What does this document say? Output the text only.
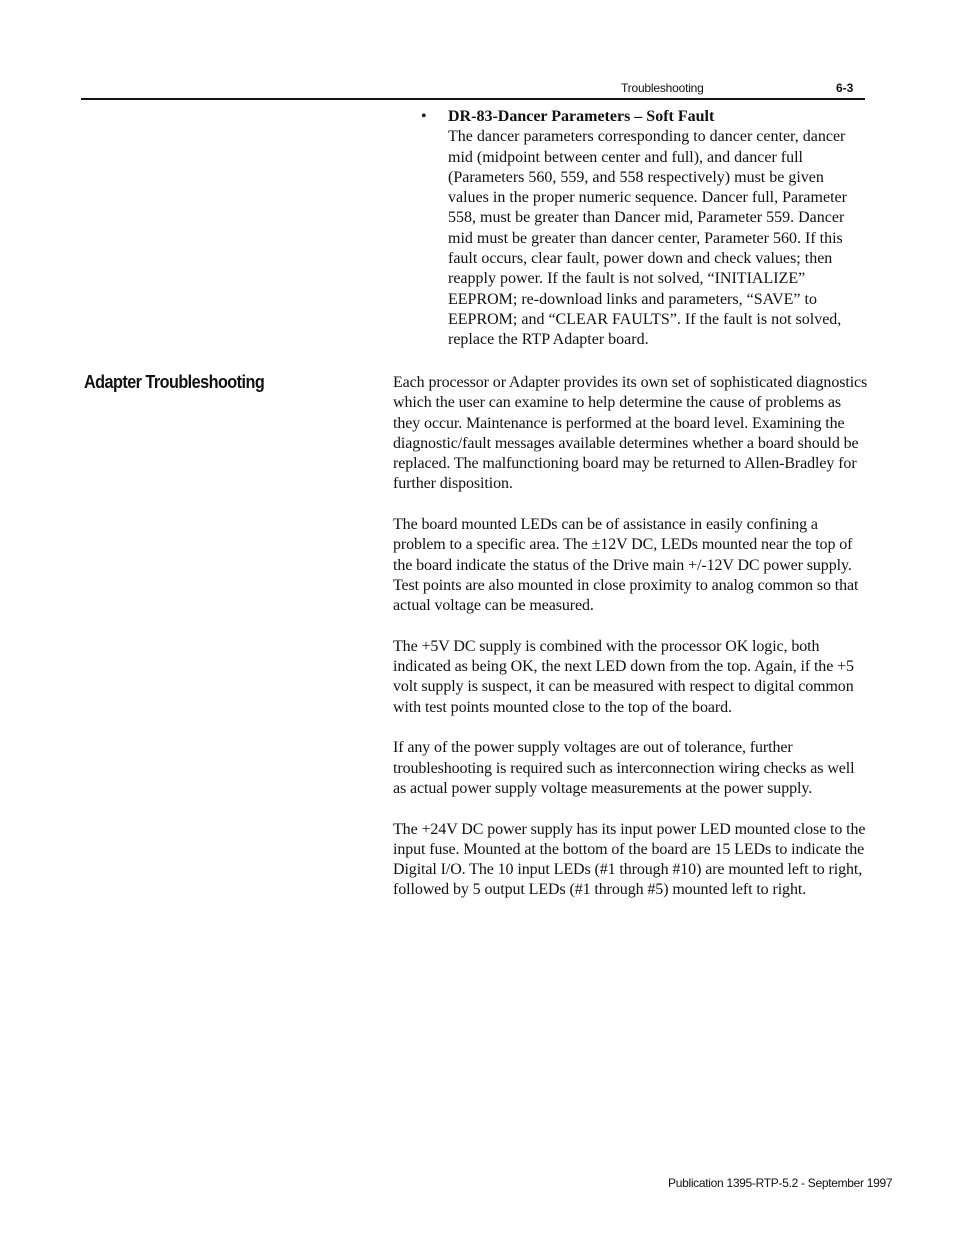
Troubleshooting	6-3
• DR-83-Dancer Parameters – Soft Fault

The dancer parameters corresponding to dancer center, dancer mid (midpoint between center and full), and dancer full (Parameters 560, 559, and 558 respectively) must be given values in the proper numeric sequence. Dancer full, Parameter 558, must be greater than Dancer mid, Parameter 559. Dancer mid must be greater than dancer center, Parameter 560. If this fault occurs, clear fault, power down and check values; then reapply power. If the fault is not solved, “INITIALIZE” EEPROM; re-download links and parameters, “SAVE” to EEPROM; and “CLEAR FAULTS”. If the fault is not solved, replace the RTP Adapter board.

Adapter Troubleshooting	Each processor or Adapter provides its own set of sophisticated diagnostics which the user can examine to help determine the cause of problems as they occur. Maintenance is performed at the board level. Examining the diagnostic/fault messages available determines whether a board should be replaced. The malfunctioning board may be returned to Allen-Bradley for further disposition.

The board mounted LEDs can be of assistance in easily confining a problem to a specific area. The ±12V DC, LEDs mounted near the top of the board indicate the status of the Drive main +/-12V DC power supply. Test points are also mounted in close proximity to analog common so that actual voltage can be measured.

The +5V DC supply is combined with the processor OK logic, both indicated as being OK, the next LED down from the top. Again, if the +5 volt supply is suspect, it can be measured with respect to digital common with test points mounted close to the top of the board.

If any of the power supply voltages are out of tolerance, further troubleshooting is required such as interconnection wiring checks as well as actual power supply voltage measurements at the power supply.

The +24V DC power supply has its input power LED mounted close to the input fuse. Mounted at the bottom of the board are 15 LEDs to indicate the Digital I/O. The 10 input LEDs (#1 through #10) are mounted left to right, followed by 5 output LEDs (#1 through #5) mounted left to right.

Publication 1395-RTP-5.2 - September 1997
